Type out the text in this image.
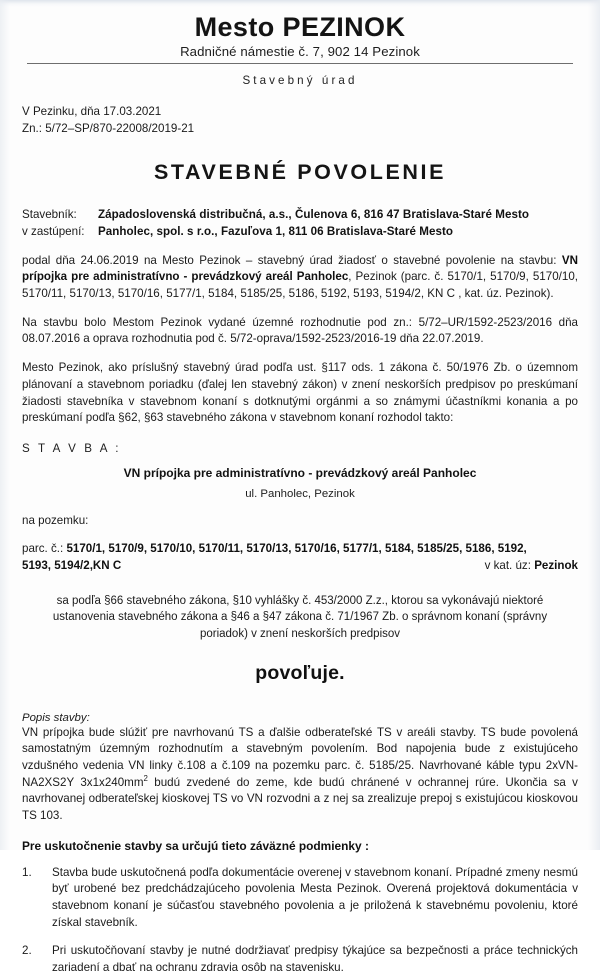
Mesto PEZINOK
Radničné námestie č. 7, 902 14 Pezinok
Stavebný úrad
V Pezinku, dňa 17.03.2021
Zn.: 5/72–SP/870-22008/2019-21
STAVEBNÉ POVOLENIE
Stavebník:	Západoslovenská distribučná, a.s., Čulenova 6, 816 47 Bratislava-Staré Mesto
v zastúpení:	Panholec, spol. s r.o., Fazuľova 1, 811 06 Bratislava-Staré Mesto

podal dňa 24.06.2019 na Mesto Pezinok – stavebný úrad žiadosť o stavebné povolenie na stavbu: VN prípojka pre administratívno - prevádzkový areál Panholec, Pezinok (parc. č. 5170/1, 5170/9, 5170/10, 5170/11, 5170/13, 5170/16, 5177/1, 5184, 5185/25, 5186, 5192, 5193, 5194/2, KN C , kat. úz. Pezinok).

Na stavbu bolo Mestom Pezinok vydané územné rozhodnutie pod zn.: 5/72–UR/1592-2523/2016 dňa 08.07.2016 a oprava rozhodnutia pod č. 5/72-oprava/1592-2523/2016-19 dňa 22.07.2019.

Mesto Pezinok, ako príslušný stavebný úrad podľa ust. §117 ods. 1 zákona č. 50/1976 Zb. o územnom plánovaní a stavebnom poriadku (ďalej len stavebný zákon) v znení neskorších predpisov po preskúmaní žiadosti stavebníka v stavebnom konaní s dotknutými orgánmi a so známymi účastníkmi konania a po preskúmaní podľa §62, §63 stavebného zákona v stavebnom konaní rozhodol takto:

S T A V B A :
VN prípojka pre administratívno - prevádzkový areál Panholec
ul. Panholec, Pezinok
na pozemku:
parc. č.: 5170/1, 5170/9, 5170/10, 5170/11, 5170/13, 5170/16, 5177/1, 5184, 5185/25, 5186, 5192,
5193, 5194/2,KN C	v kat. úz: Pezinok
sa podľa §66 stavebného zákona, §10 vyhlášky č. 453/2000 Z.z., ktorou sa vykonávajú niektoré ustanovenia stavebného zákona a §46 a §47 zákona č. 71/1967 Zb. o správnom konaní (správny poriadok) v znení neskorších predpisov
povoľuje.
Popis stavby:
VN prípojka bude slúžiť pre navrhovanú TS a ďalšie odberateľské TS v areáli stavby. TS bude povolená samostatným územným rozhodnutím a stavebným povolením. Bod napojenia bude z existujúceho vzdušného vedenia VN linky č.108 a č.109 na pozemku parc. č. 5185/25. Navrhované káble typu 2xVN-NA2XS2Y $3x1x240mm^2$ budú zvedené do zeme, kde budú chránené v ochrannej rúre. Ukončia sa v navrhovanej odberateľskej kioskovej TS vo VN rozvodni a z nej sa zrealizuje prepoj s existujúcou kioskovou TS 103.
Pre uskutočnenie stavby sa určujú tieto záväzné podmienky :
1.	Stavba bude uskutočnená podľa dokumentácie overenej v stavebnom konaní. Prípadné zmeny nesmú byť urobené bez predchádzajúceho povolenia Mesta Pezinok. Overená projektová dokumentácia v stavebnom konaní je súčasťou stavebného povolenia a je priložená k stavebnému povoleniu, ktoré získal stavebník.
2.	Pri uskutočňovaní stavby je nutné dodržiavať predpisy týkajúce sa bezpečnosti a práce technických zariadení a dbať na ochranu zdravia osôb na stavenisku.
